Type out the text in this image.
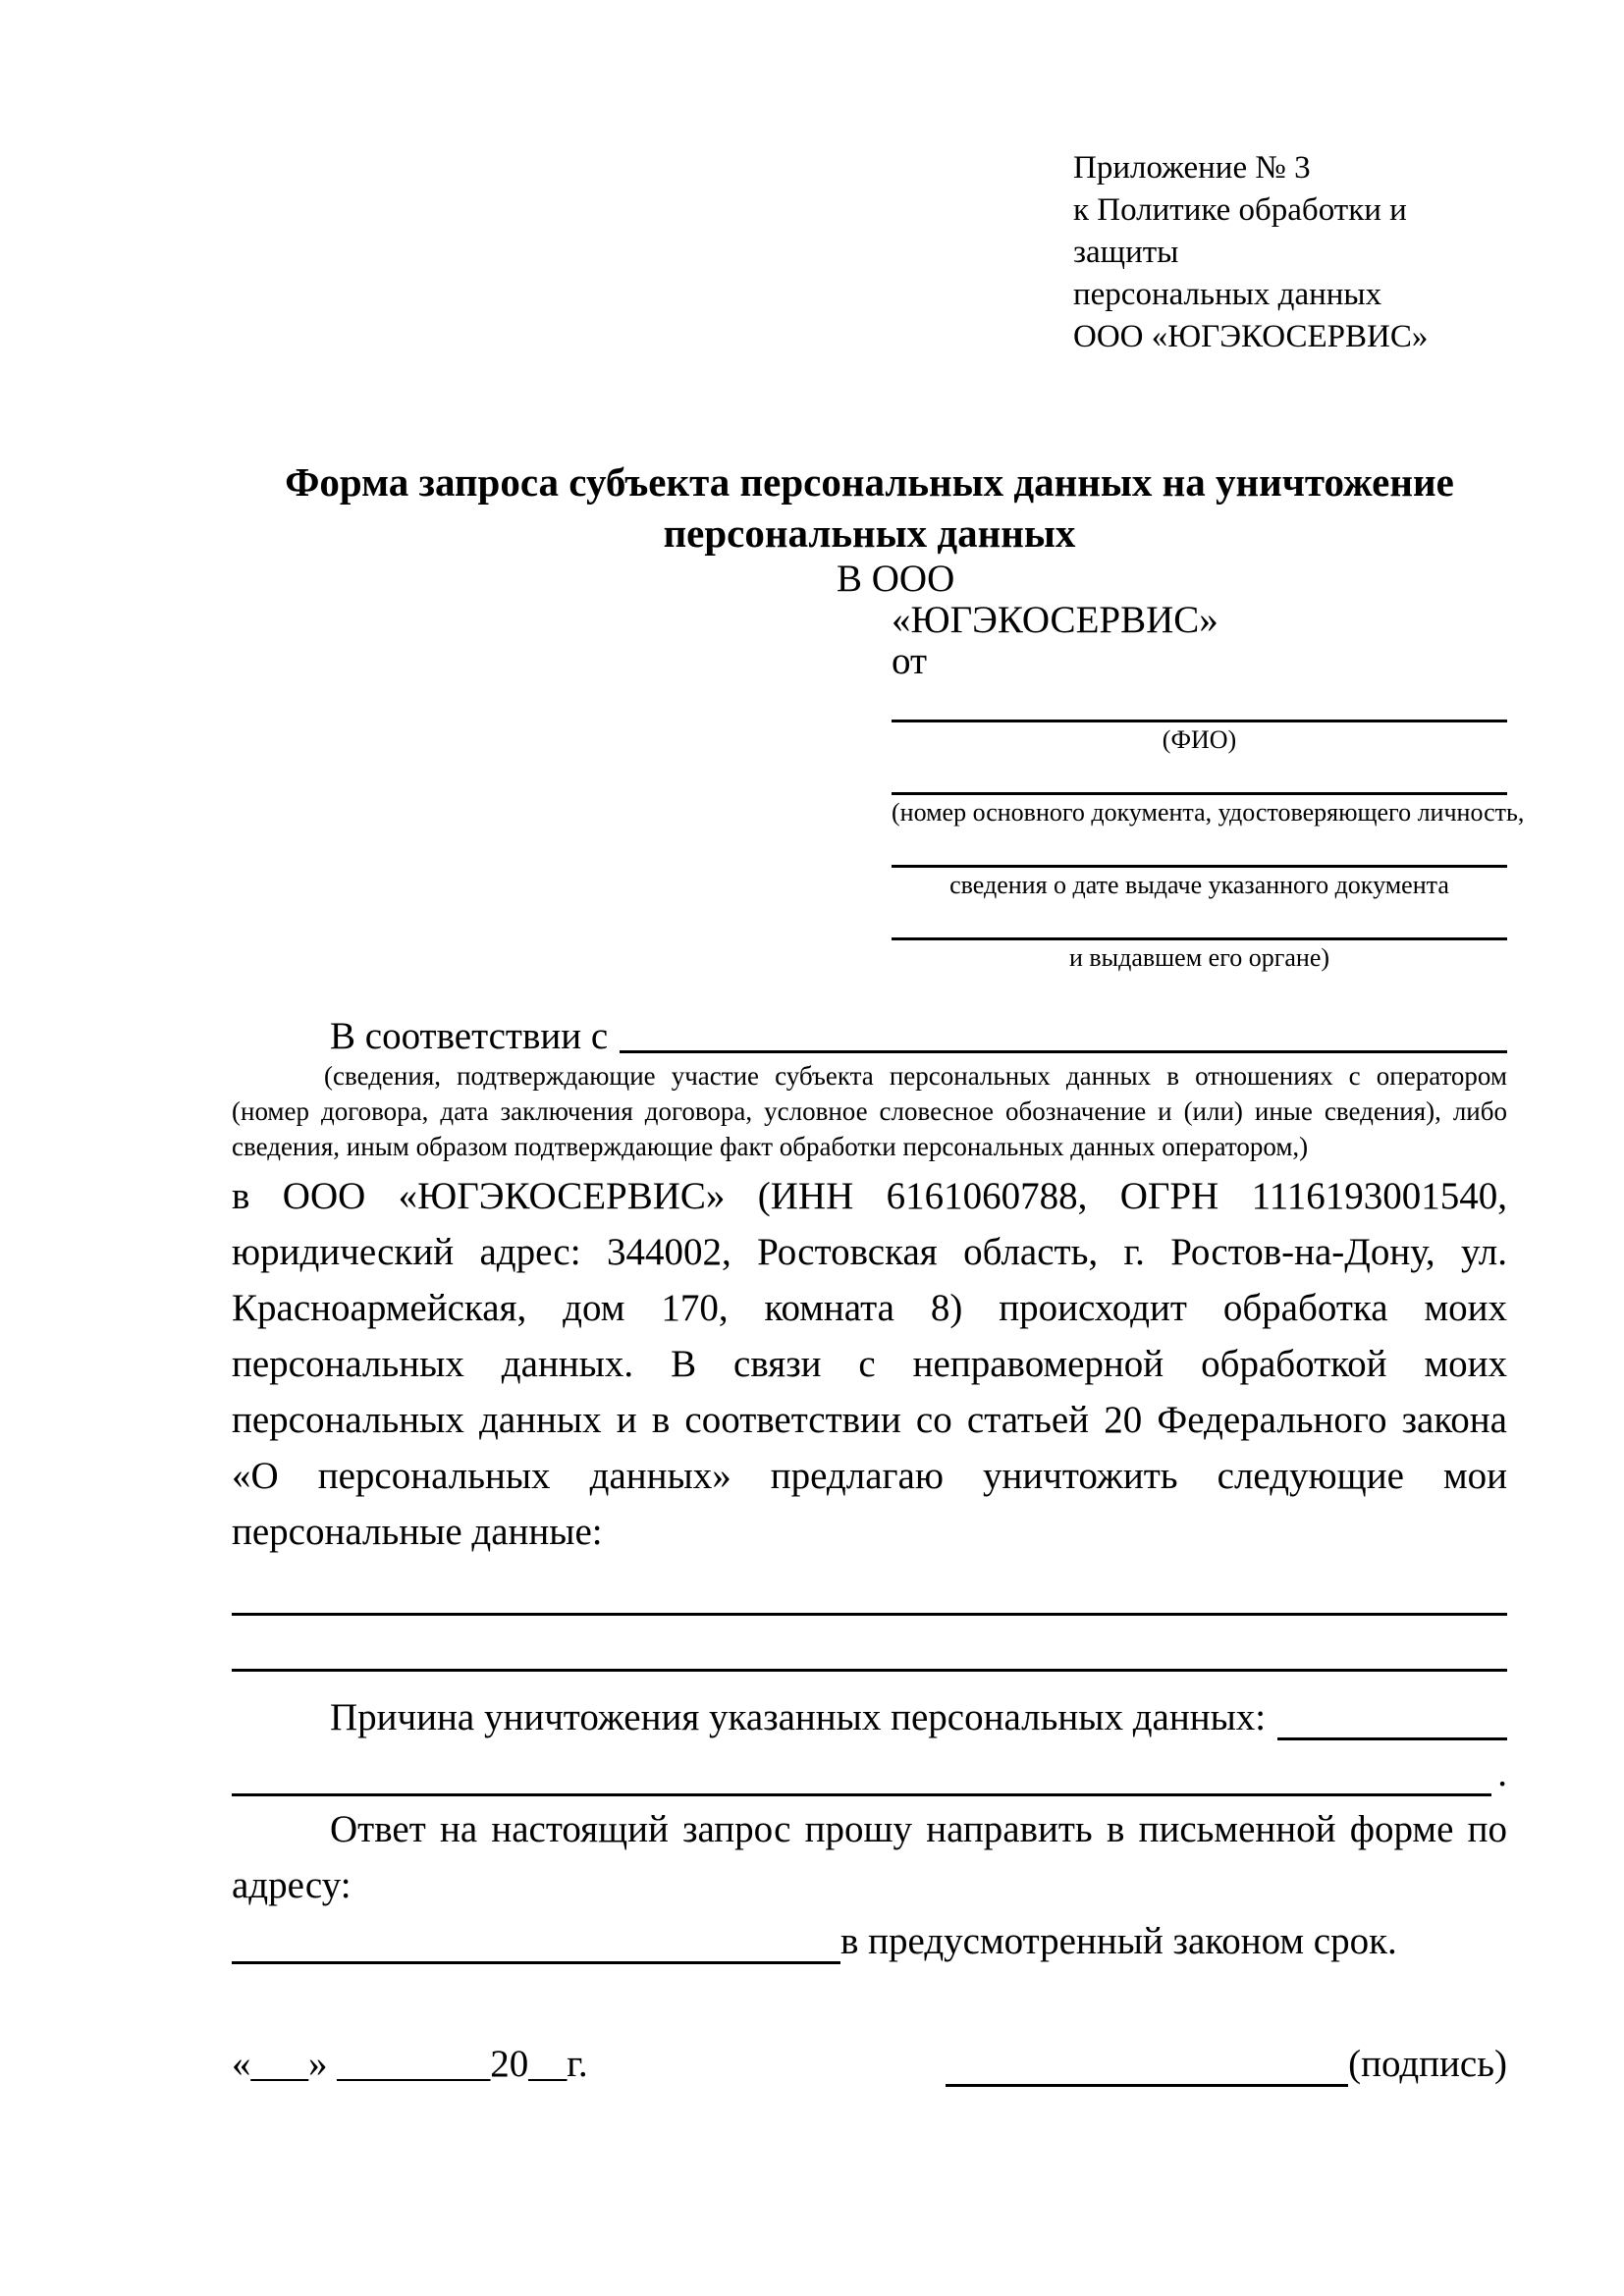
Приложение № 3
к Политике обработки и защиты
персональных данных
ООО «ЮГЭКОСЕРВИС»
Форма запроса субъекта персональных данных на уничтожение персональных данных
В ООО
«ЮГЭКОСЕРВИС»
от
(ФИО)
(номер основного документа, удостоверяющего личность,
сведения о дате выдаче указанного документа
и выдавшем его органе)
В соответствии с
(сведения, подтверждающие участие субъекта персональных данных в отношениях с оператором (номер договора, дата заключения договора, условное словесное обозначение и (или) иные сведения), либо сведения, иным образом подтверждающие факт обработки персональных данных оператором,)
в ООО «ЮГЭКОСЕРВИС» (ИНН 6161060788, ОГРН 1116193001540, юридический адрес: 344002, Ростовская область, г. Ростов-на-Дону, ул. Красноармейская, дом 170, комната 8) происходит обработка моих персональных данных. В связи с неправомерной обработкой моих персональных данных и в соответствии со статьей 20 Федерального закона «О персональных данных» предлагаю уничтожить следующие мои персональные данные:
Причина уничтожения указанных персональных данных:
.
Ответ на настоящий запрос прошу направить в письменной форме по адресу:
в предусмотренный законом срок.
«___» ________20__г.	(подпись)
